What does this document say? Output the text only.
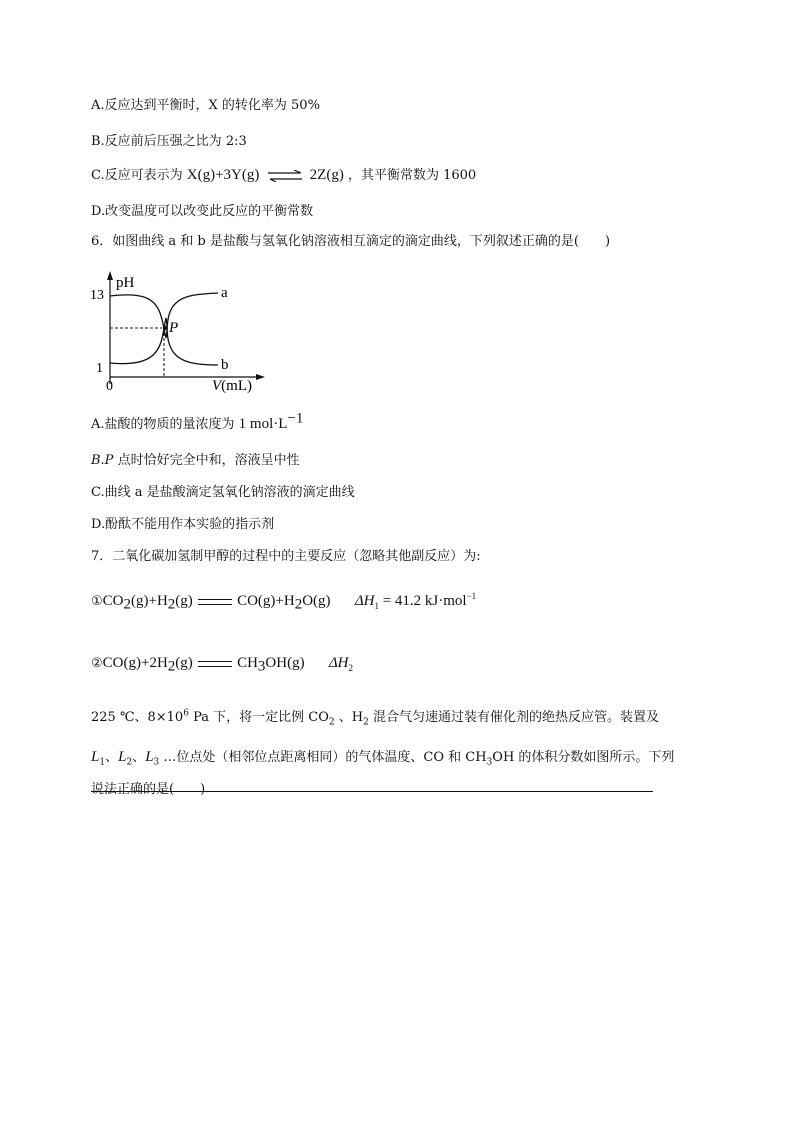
A.反应达到平衡时，X 的转化率为 50%
B.反应前后压强之比为 2:3
C.反应可表示为 X(g)+3Y(g) ⇌ 2Z(g) ，其平衡常数为 1600
D.改变温度可以改变此反应的平衡常数
6．如图曲线 a 和 b 是盐酸与氢氧化钠溶液相互滴定的滴定曲线，下列叙述正确的是(　　)
pH
13
1
0	V(mL)
P
a
b
A.盐酸的物质的量浓度为 1 $mol\cdot L^{-1}$
B.P 点时恰好完全中和，溶液呈中性
C.曲线 a 是盐酸滴定氢氧化钠溶液的滴定曲线
D.酚酞不能用作本实验的指示剂
7．二氧化碳加氢制甲醇的过程中的主要反应（忽略其他副反应）为:
$①CO_2(g)+H_2(g)$	$CO(g)+H_2O(g) \Delta H_1 = 41.2$ kJ·mol$^{-1}$
$②CO(g)+2H_2(g)$	$CH_3OH(g)$ $\Delta H_2$
225 ℃、$8\times 10^6$ Pa 下，将一定比例 $CO_2$ 、$H_2$ 混合气匀速通过装有催化剂的绝热反应管。装置及
$L_1$、$L_2$、$L_3$ …位点处（相邻位点距离相同）的气体温度、CO 和 $CH_3OH$ 的体积分数如图所示。下列
说法正确的是(　　)
